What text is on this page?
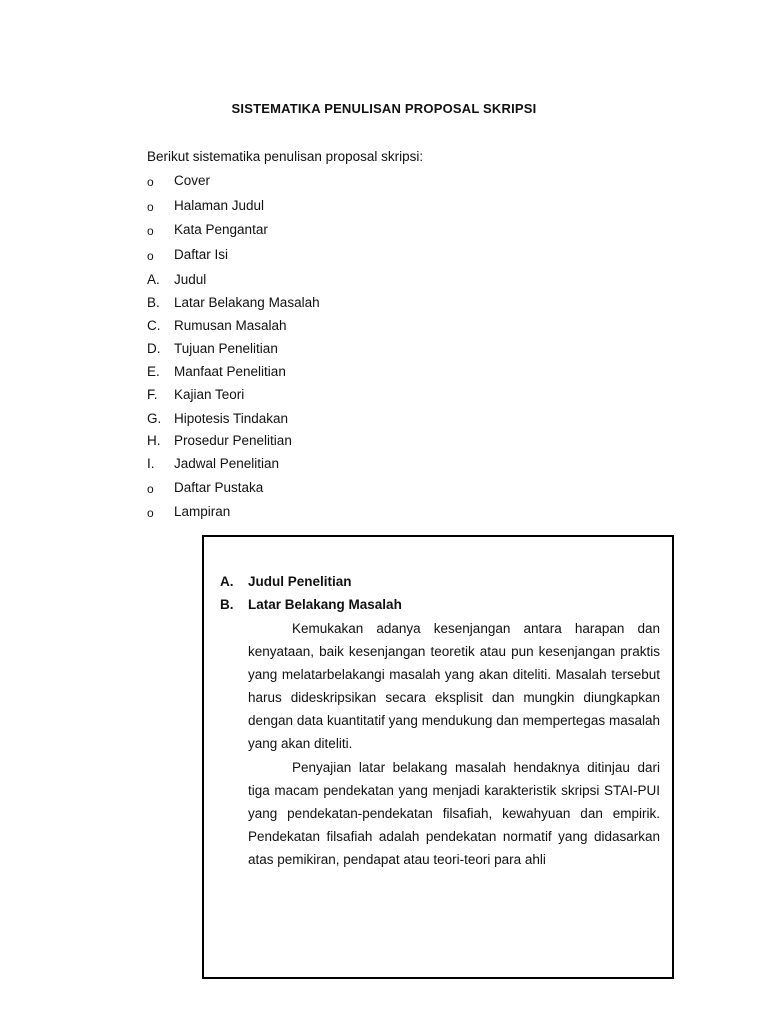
SISTEMATIKA PENULISAN PROPOSAL SKRIPSI
Berikut sistematika penulisan proposal skripsi:
o	Cover
o	Halaman Judul
o	Kata Pengantar
o	Daftar Isi
A.	Judul
B.	Latar Belakang Masalah
C.	Rumusan Masalah
D.	Tujuan Penelitian
E.	Manfaat Penelitian
F.	Kajian Teori
G. Hipotesis Tindakan
H.	Prosedur Penelitian
I.	Jadwal Penelitian
o	Daftar Pustaka
o	Lampiran
A. Judul Penelitian
B. Latar Belakang Masalah

Kemukakan adanya kesenjangan antara harapan dan kenyataan, baik kesenjangan teoretik atau pun kesenjangan praktis yang melatarbelakangi masalah yang akan diteliti. Masalah tersebut harus dideskripsikan secara eksplisit dan mungkin diungkapkan dengan data kuantitatif yang mendukung dan mempertegas masalah yang akan diteliti.

Penyajian latar belakang masalah hendaknya ditinjau dari tiga macam pendekatan yang menjadi karakteristik skripsi STAI-PUI yang pendekatan-pendekatan filsafiah, kewahyuan dan empirik. Pendekatan filsafiah adalah pendekatan normatif yang didasarkan atas pemikiran, pendapat atau teori-teori para ahli
